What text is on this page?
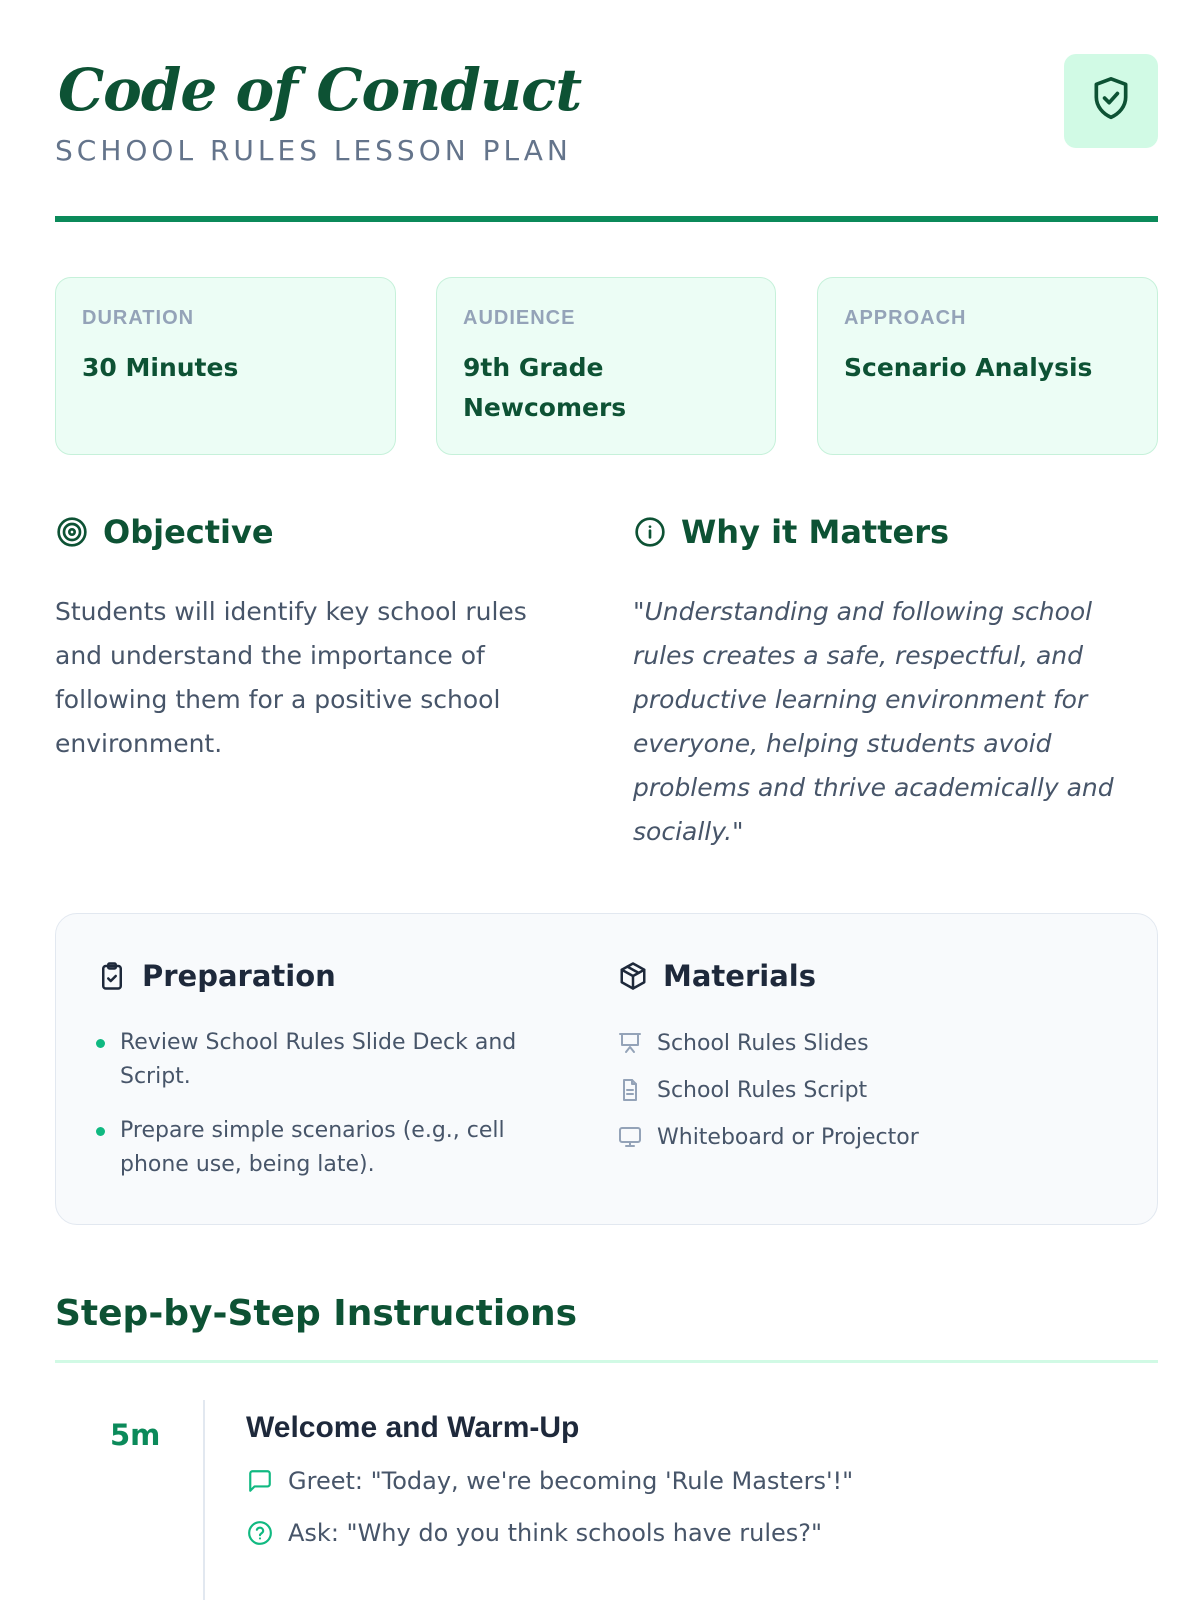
Code of Conduct
SCHOOL RULES LESSON PLAN
DURATION
30 Minutes
AUDIENCE
9th Grade Newcomers
APPROACH
Scenario Analysis
Objective

Students will identify key school rules and understand the importance of following them for a positive school environment.

Why it Matters

"Understanding and following school rules creates a safe, respectful, and productive learning environment for everyone, helping students avoid problems and thrive academically and socially."

Preparation
Review School Rules Slide Deck and Script.
Prepare simple scenarios (e.g., cell phone use, being late).
Materials
School Rules Slides
School Rules Script
Whiteboard or Projector
Step-by-Step Instructions
5m	Welcome and Warm-Up
Greet: "Today, we're becoming 'Rule Masters'!"
Ask: "Why do you think schools have rules?"
